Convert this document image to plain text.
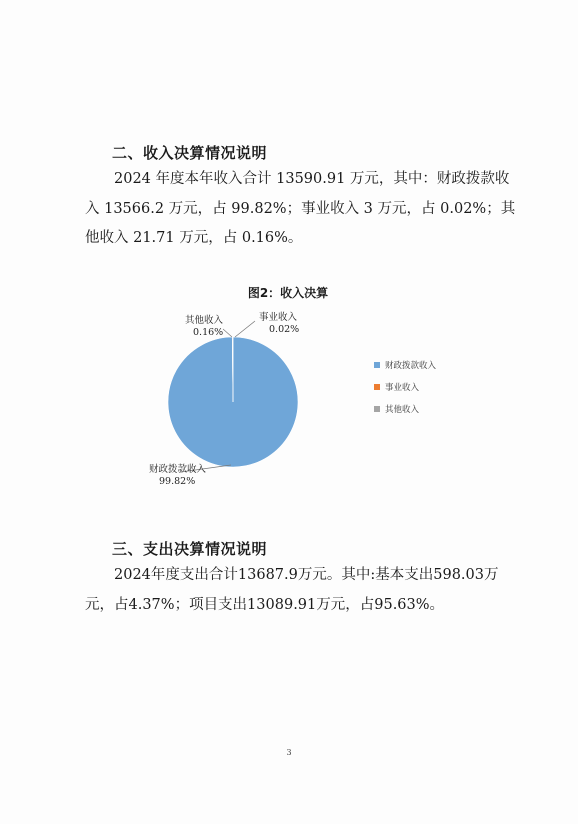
二、收入决算情况说明
2024 年度本年收入合计 13590.91 万元，其中：财政拨款收
入 13566.2 万元，占 99.82%；事业收入 3 万元，占 0.02%；其
他收入 21.71 万元，占 0.16%。
图2：收入决算
财政拨款收入
99.82%
事业收入
0.02%
其他收入
0.16%
财政拨款收入
事业收入
其他收入
三、支出决算情况说明
2024年度支出合计13687.9万元。其中:基本支出598.03万
元，占4.37%；项目支出13089.91万元，占95.63%。
3
